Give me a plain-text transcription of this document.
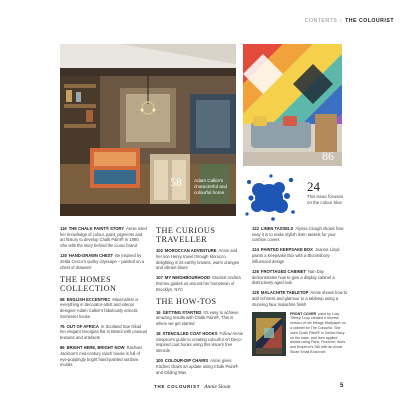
CONTENTS | THE COLOURIST
58	Adam Calkin's characterful and colourful home
86
24
This issue focuses on the colour blue

116 THE CHALK PAINT® STORY Annie used her knowledge of colour, paint, pigments and art history to develop Chalk Paint® in 1990. She tells the story behind the iconic brand

130 HAND-DRAWN CHEST Be inspired by Zelda Cecco's quirky cityscape – painted on a chest of drawers!

THE HOMES COLLECTION

58 ENGLISH ECCENTRIC Maximalism is everything in decorator-artist and interior designer Adam Calkin's fabulously eclectic Somerset house

76 OUT OF AFRICA In Scotland Sue Gilad her elegant Georgian flat in Bristol with unusual textures and artefacts

86 BRIGHT HERE, BRIGHT NOW Rachael Jackson's mid-century ranch house is full of eye-poppingly bright hand-painted rainbow murals

THE CURIOUS TRAVELLER

102 MOROCCAN ADVENTURE Annie and her son Henry travel through Morocco, delighting in its earthy browns, warm oranges and vibrant blues

107 MY NEIGHBOURHOOD Stockist Andrea Romeo guides us around her hometown of Brooklyn, NYC

THE HOW-TOS

16 GETTING STARTED It's easy to achieve amazing results with Chalk Paint®. This is where we get started

18 STENCILLED COAT HOOKS Follow Annie Simpson's guide to creating colourful Art Deco-inspired coat hooks using this issue's free stencils

100 COLOUR-DIP CHAIRS Annie gives Kitchen chairs an update using Chalk Paint® and Gilding Wax

122 LINEN TASSELS Alyssa Clough shows how easy it is to make stylish linen tassels for your cushion covers

124 PAINTED KEEPSAKE BOX Joanna Lloyd paints a Keepsake Box with a Bloomsbury-influenced design

126 FROTTAGED CABINET Nan Day demonstrates how to give a display cabinet a distinctively aged look

128 MALACHITE TABLETOP Annie shows how to add richness and glamour to a tabletop using a stunning faux malachite finish

FRONT COVER paint by Lucy Tiffney. Lucy created a reverse version of her Mirage Wallpaper on a cabinet for The Colourist. She used Chalk Paint® in Oxford Navy on the base, and then applied details using Paris, Florence, Arles and Emperor's Silk with an Annie Sloan Small Brush set.
THE COLOURIST Annie Sloan	5
